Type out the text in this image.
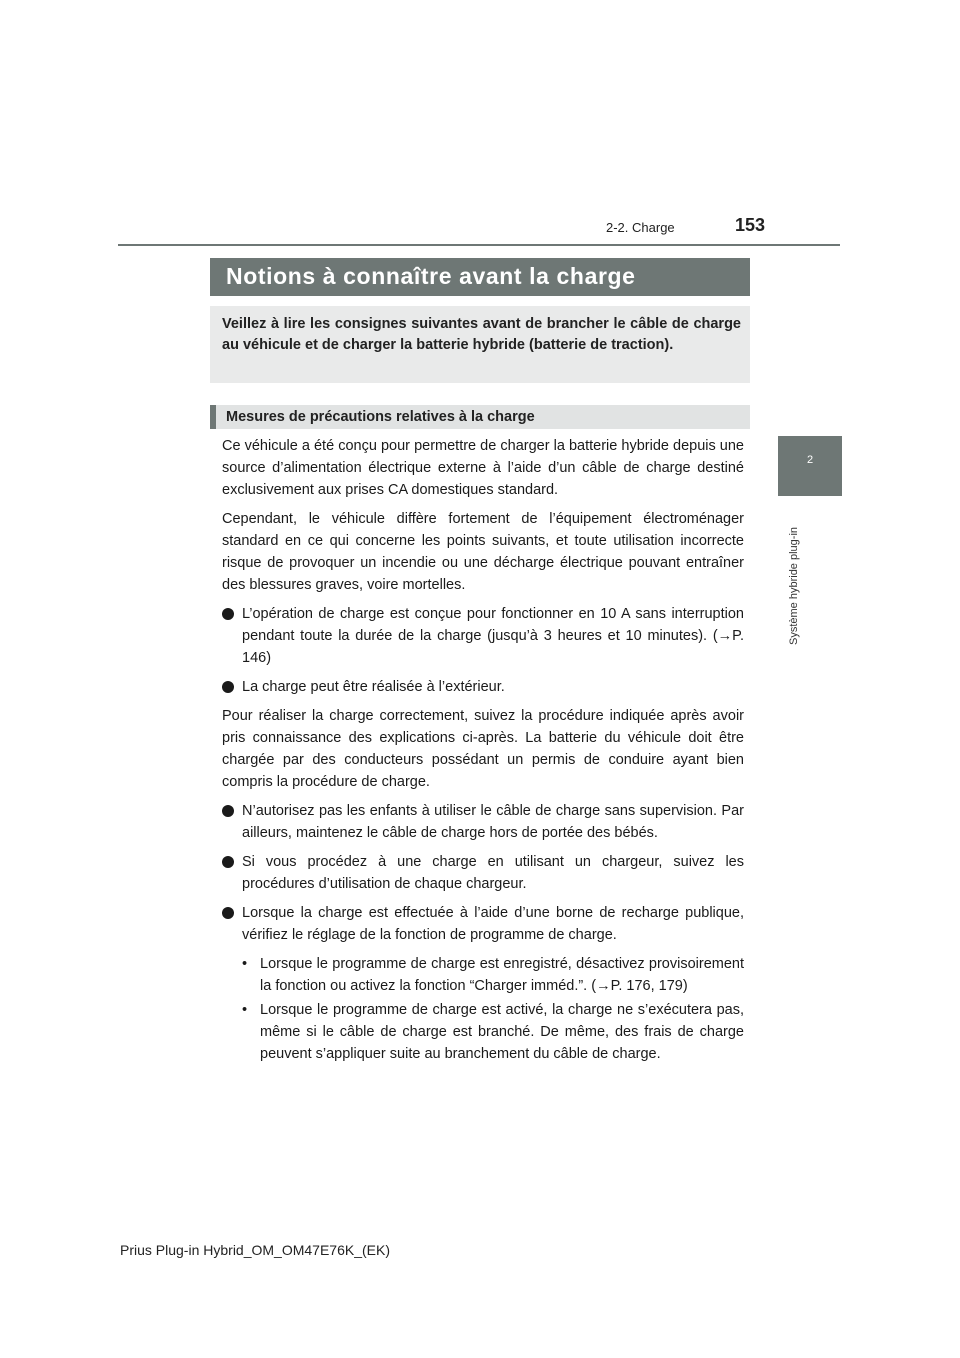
2-2. Charge	153
2
Système hybride plug-in
Notions à connaître avant la charge
Veillez à lire les consignes suivantes avant de brancher le câble de charge au véhicule et de charger la batterie hybride (batterie de traction).
Mesures de précautions relatives à la charge

Ce véhicule a été conçu pour permettre de charger la batterie hybride depuis une source d’alimentation électrique externe à l’aide d’un câble de charge destiné exclusivement aux prises CA domestiques standard.

Cependant, le véhicule diffère fortement de l’équipement électroménager standard en ce qui concerne les points suivants, et toute utilisation incorrecte risque de provoquer un incendie ou une décharge électrique pouvant entraîner des blessures graves, voire mortelles.

L’opération de charge est conçue pour fonctionner en 10 A sans interruption pendant toute la durée de la charge (jusqu’à 3 heures et 10 minutes). (→P. 146)
La charge peut être réalisée à l’extérieur.

Pour réaliser la charge correctement, suivez la procédure indiquée après avoir pris connaissance des explications ci-après. La batterie du véhicule doit être chargée par des conducteurs possédant un permis de conduire ayant bien compris la procédure de charge.

N’autorisez pas les enfants à utiliser le câble de charge sans supervision. Par ailleurs, maintenez le câble de charge hors de portée des bébés.
Si vous procédez à une charge en utilisant un chargeur, suivez les procédures d’utilisation de chaque chargeur.
Lorsque la charge est effectuée à l’aide d’une borne de recharge publique, vérifiez le réglage de la fonction de programme de charge.
• Lorsque le programme de charge est enregistré, désactivez provisoirement la fonction ou activez la fonction “Charger imméd.”. (→P. 176, 179)
• Lorsque le programme de charge est activé, la charge ne s’exécutera pas, même si le câble de charge est branché. De même, des frais de charge peuvent s’appliquer suite au branchement du câble de charge.
Prius Plug-in Hybrid_OM_OM47E76K_(EK)
